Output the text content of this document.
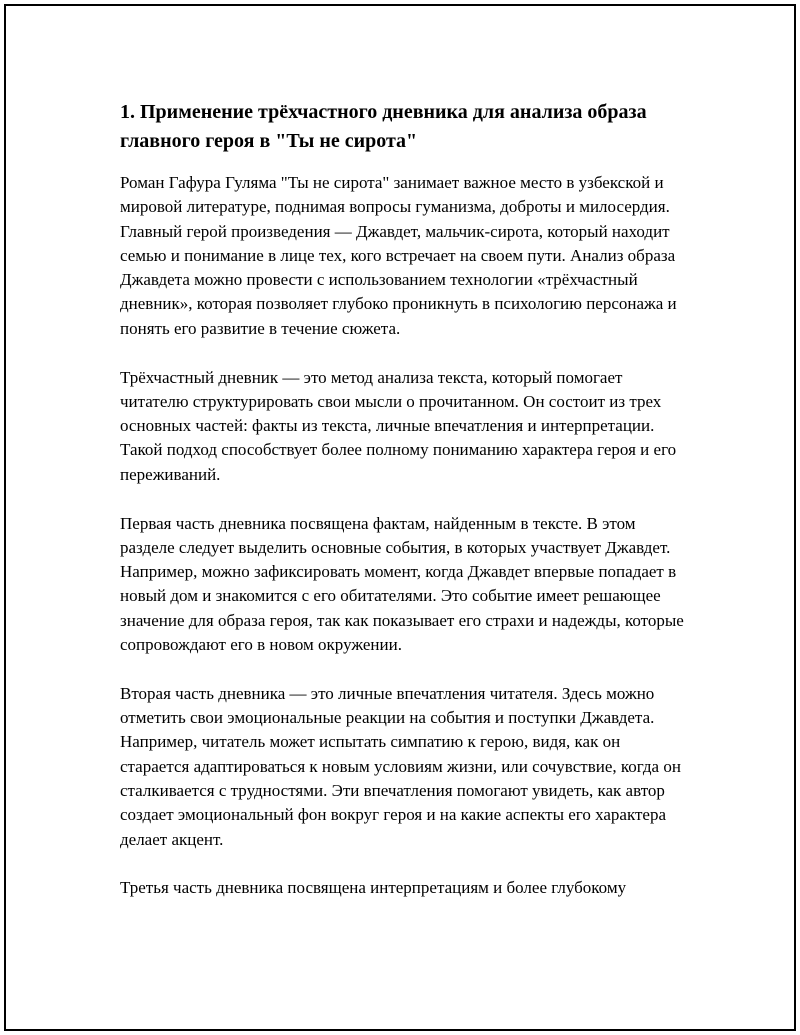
1. Применение трёхчастного дневника для анализа образа главного героя в "Ты не сирота"

Роман Гафура Гуляма "Ты не сирота" занимает важное место в узбекской и мировой литературе, поднимая вопросы гуманизма, доброты и милосердия. Главный герой произведения — Джавдет, мальчик-сирота, который находит семью и понимание в лице тех, кого встречает на своем пути. Анализ образа Джавдета можно провести с использованием технологии «трёхчастный дневник», которая позволяет глубоко проникнуть в психологию персонажа и понять его развитие в течение сюжета.

Трёхчастный дневник — это метод анализа текста, который помогает читателю структурировать свои мысли о прочитанном. Он состоит из трех основных частей: факты из текста, личные впечатления и интерпретации. Такой подход способствует более полному пониманию характера героя и его переживаний.

Первая часть дневника посвящена фактам, найденным в тексте. В этом разделе следует выделить основные события, в которых участвует Джавдет. Например, можно зафиксировать момент, когда Джавдет впервые попадает в новый дом и знакомится с его обитателями. Это событие имеет решающее значение для образа героя, так как показывает его страхи и надежды, которые сопровождают его в новом окружении.

Вторая часть дневника — это личные впечатления читателя. Здесь можно отметить свои эмоциональные реакции на события и поступки Джавдета. Например, читатель может испытать симпатию к герою, видя, как он старается адаптироваться к новым условиям жизни, или сочувствие, когда он сталкивается с трудностями. Эти впечатления помогают увидеть, как автор создает эмоциональный фон вокруг героя и на какие аспекты его характера делает акцент.

Третья часть дневника посвящена интерпретациям и более глубокому
